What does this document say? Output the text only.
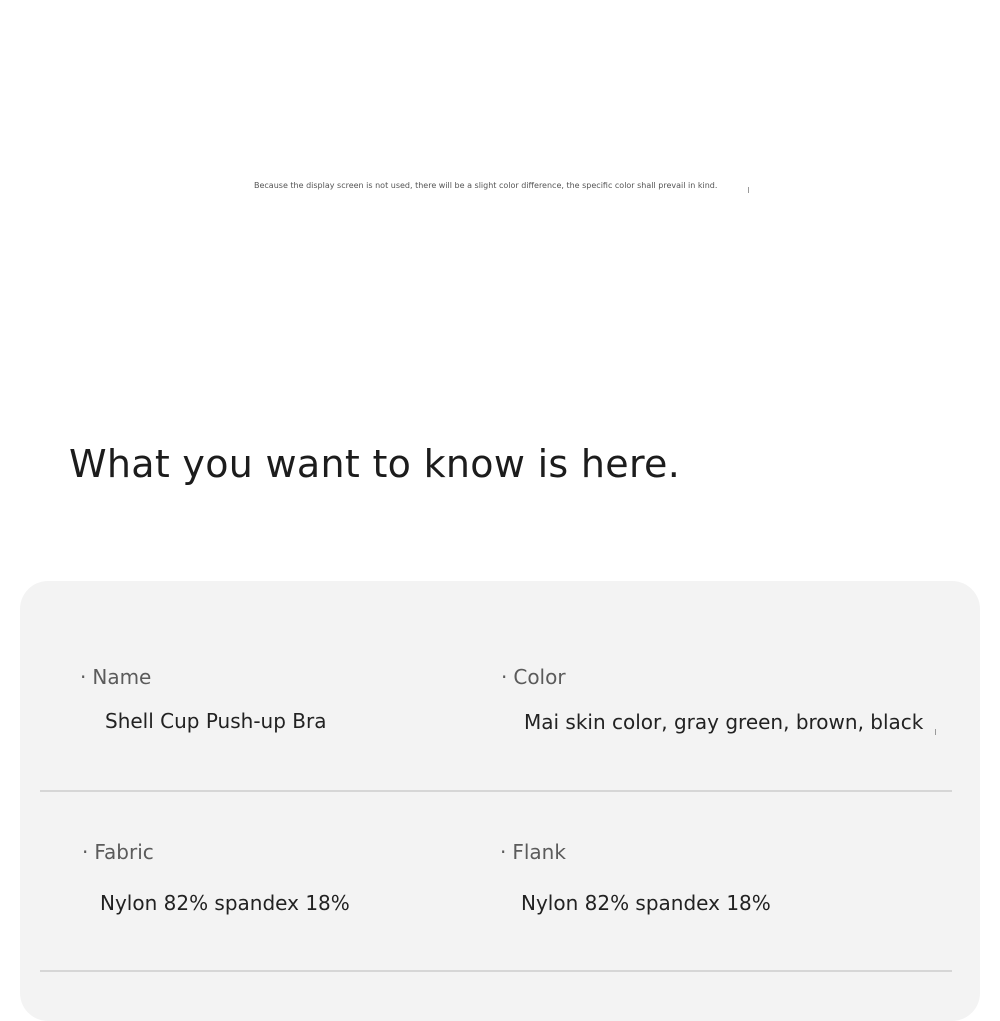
Because the display screen is not used, there will be a slight color difference, the specific color shall prevail in kind.
What you want to know is here.
· Name
Shell Cup Push-up Bra
· Color
Mai skin color, gray green, brown, black
· Fabric
Nylon 82% spandex 18%
· Flank
Nylon 82% spandex 18%
